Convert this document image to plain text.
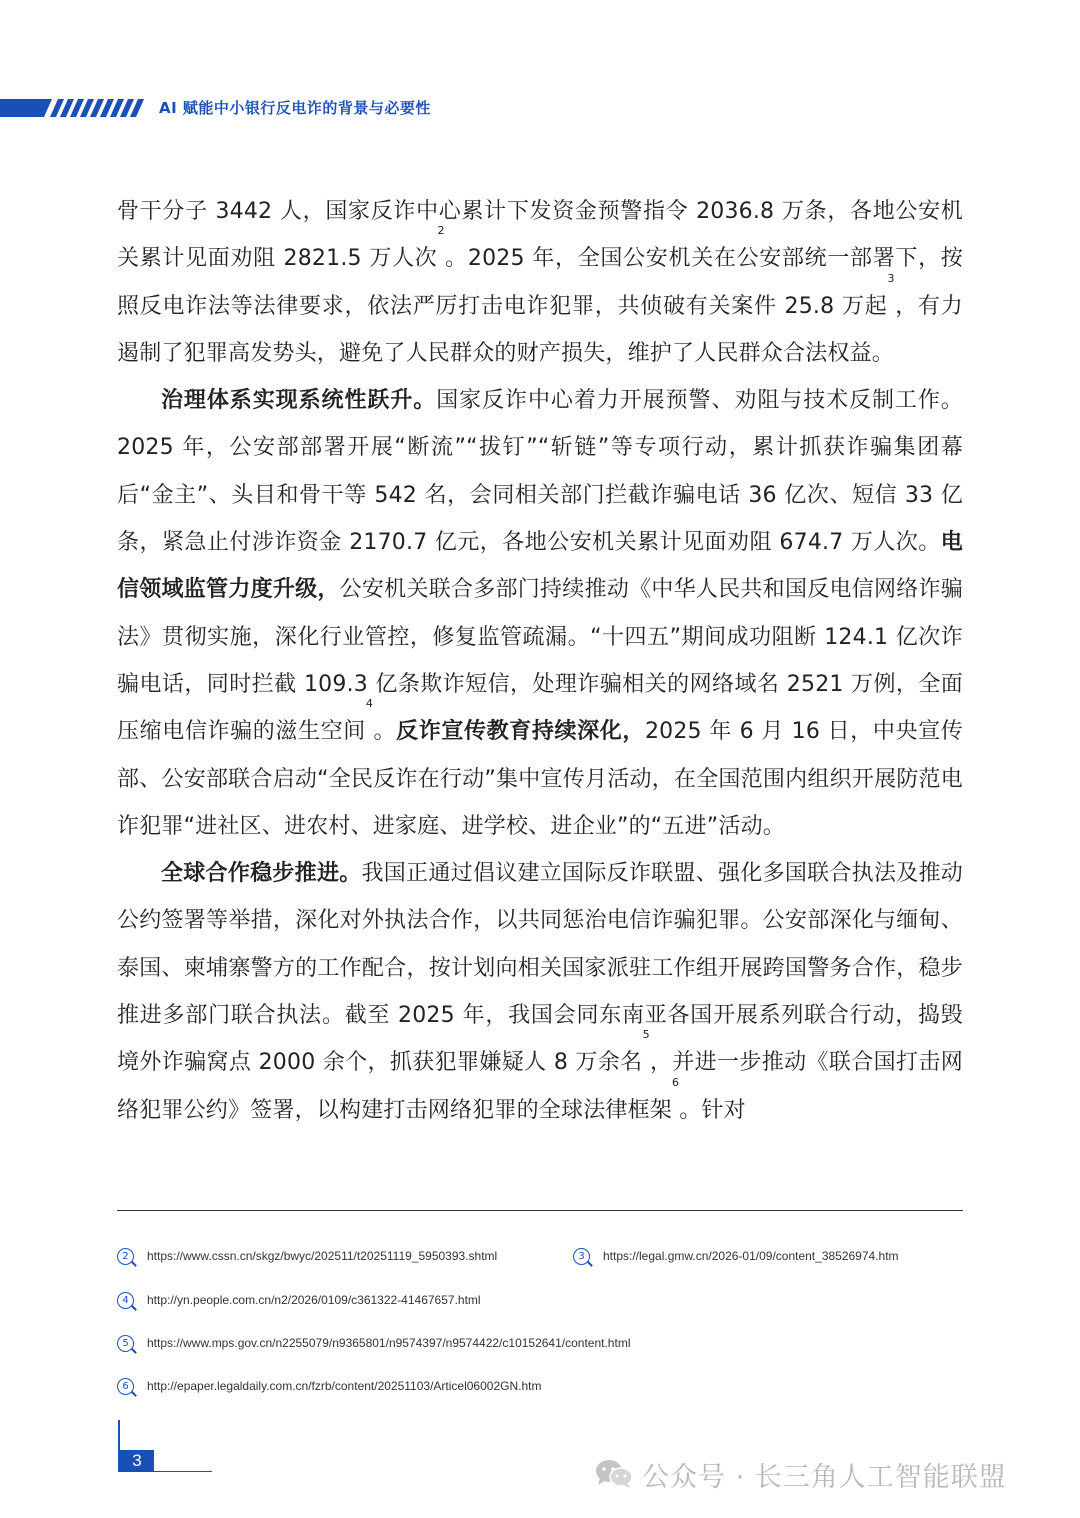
AI 赋能中小银行反电诈的背景与必要性

骨干分子 3442 人，国家反诈中心累计下发资金预警指令 2036.8 万条，各地公安机关累计见面劝阻 2821.5 万人次$^2$。2025 年，全国公安机关在公安部统一部署下，按照反电诈法等法律要求，依法严厉打击电诈犯罪，共侦破有关案件 25.8 万起$^3$，有力遏制了犯罪高发势头，避免了人民群众的财产损失，维护了人民群众合法权益。

治理体系实现系统性跃升。国家反诈中心着力开展预警、劝阻与技术反制工作。2025 年，公安部部署开展“断流”“拔钉”“斩链”等专项行动，累计抓获诈骗集团幕后“金主”、头目和骨干等 542 名，会同相关部门拦截诈骗电话 36 亿次、短信 33 亿条，紧急止付涉诈资金 2170.7 亿元，各地公安机关累计见面劝阻 674.7 万人次。电信领域监管力度升级，公安机关联合多部门持续推动《中华人民共和国反电信网络诈骗法》贯彻实施，深化行业管控，修复监管疏漏。“十四五”期间成功阻断 124.1 亿次诈骗电话，同时拦截 109.3 亿条欺诈短信，处理诈骗相关的网络域名 2521 万例，全面压缩电信诈骗的滋生空间$^4$。反诈宣传教育持续深化，2025 年 6 月 16 日，中央宣传部、公安部联合启动“全民反诈在行动”集中宣传月活动，在全国范围内组织开展防范电诈犯罪“进社区、进农村、进家庭、进学校、进企业”的“五进”活动。

全球合作稳步推进。我国正通过倡议建立国际反诈联盟、强化多国联合执法及推动公约签署等举措，深化对外执法合作，以共同惩治电信诈骗犯罪。公安部深化与缅甸、泰国、柬埔寨警方的工作配合，按计划向相关国家派驻工作组开展跨国警务合作，稳步推进多部门联合执法。截至 2025 年，我国会同东南亚各国开展系列联合行动，捣毁境外诈骗窝点 2000 余个，抓获犯罪嫌疑人 8 万余名$^5$，并进一步推动《联合国打击网络犯罪公约》签署，以构建打击网络犯罪的全球法律框架$^6$。针对

2	https://www.cssn.cn/skgz/bwyc/202511/t20251119_5950393.shtml	3	https://legal.gmw.cn/2026-01/09/content_38526974.htm
4	http://yn.people.com.cn/n2/2026/0109/c361322-41467657.html
5	https://www.mps.gov.cn/n2255079/n9365801/n9574397/n9574422/c10152641/content.html
6	http://epaper.legaldaily.com.cn/fzrb/content/20251103/Articel06002GN.htm
3
公众号 · 长三角人工智能联盟
